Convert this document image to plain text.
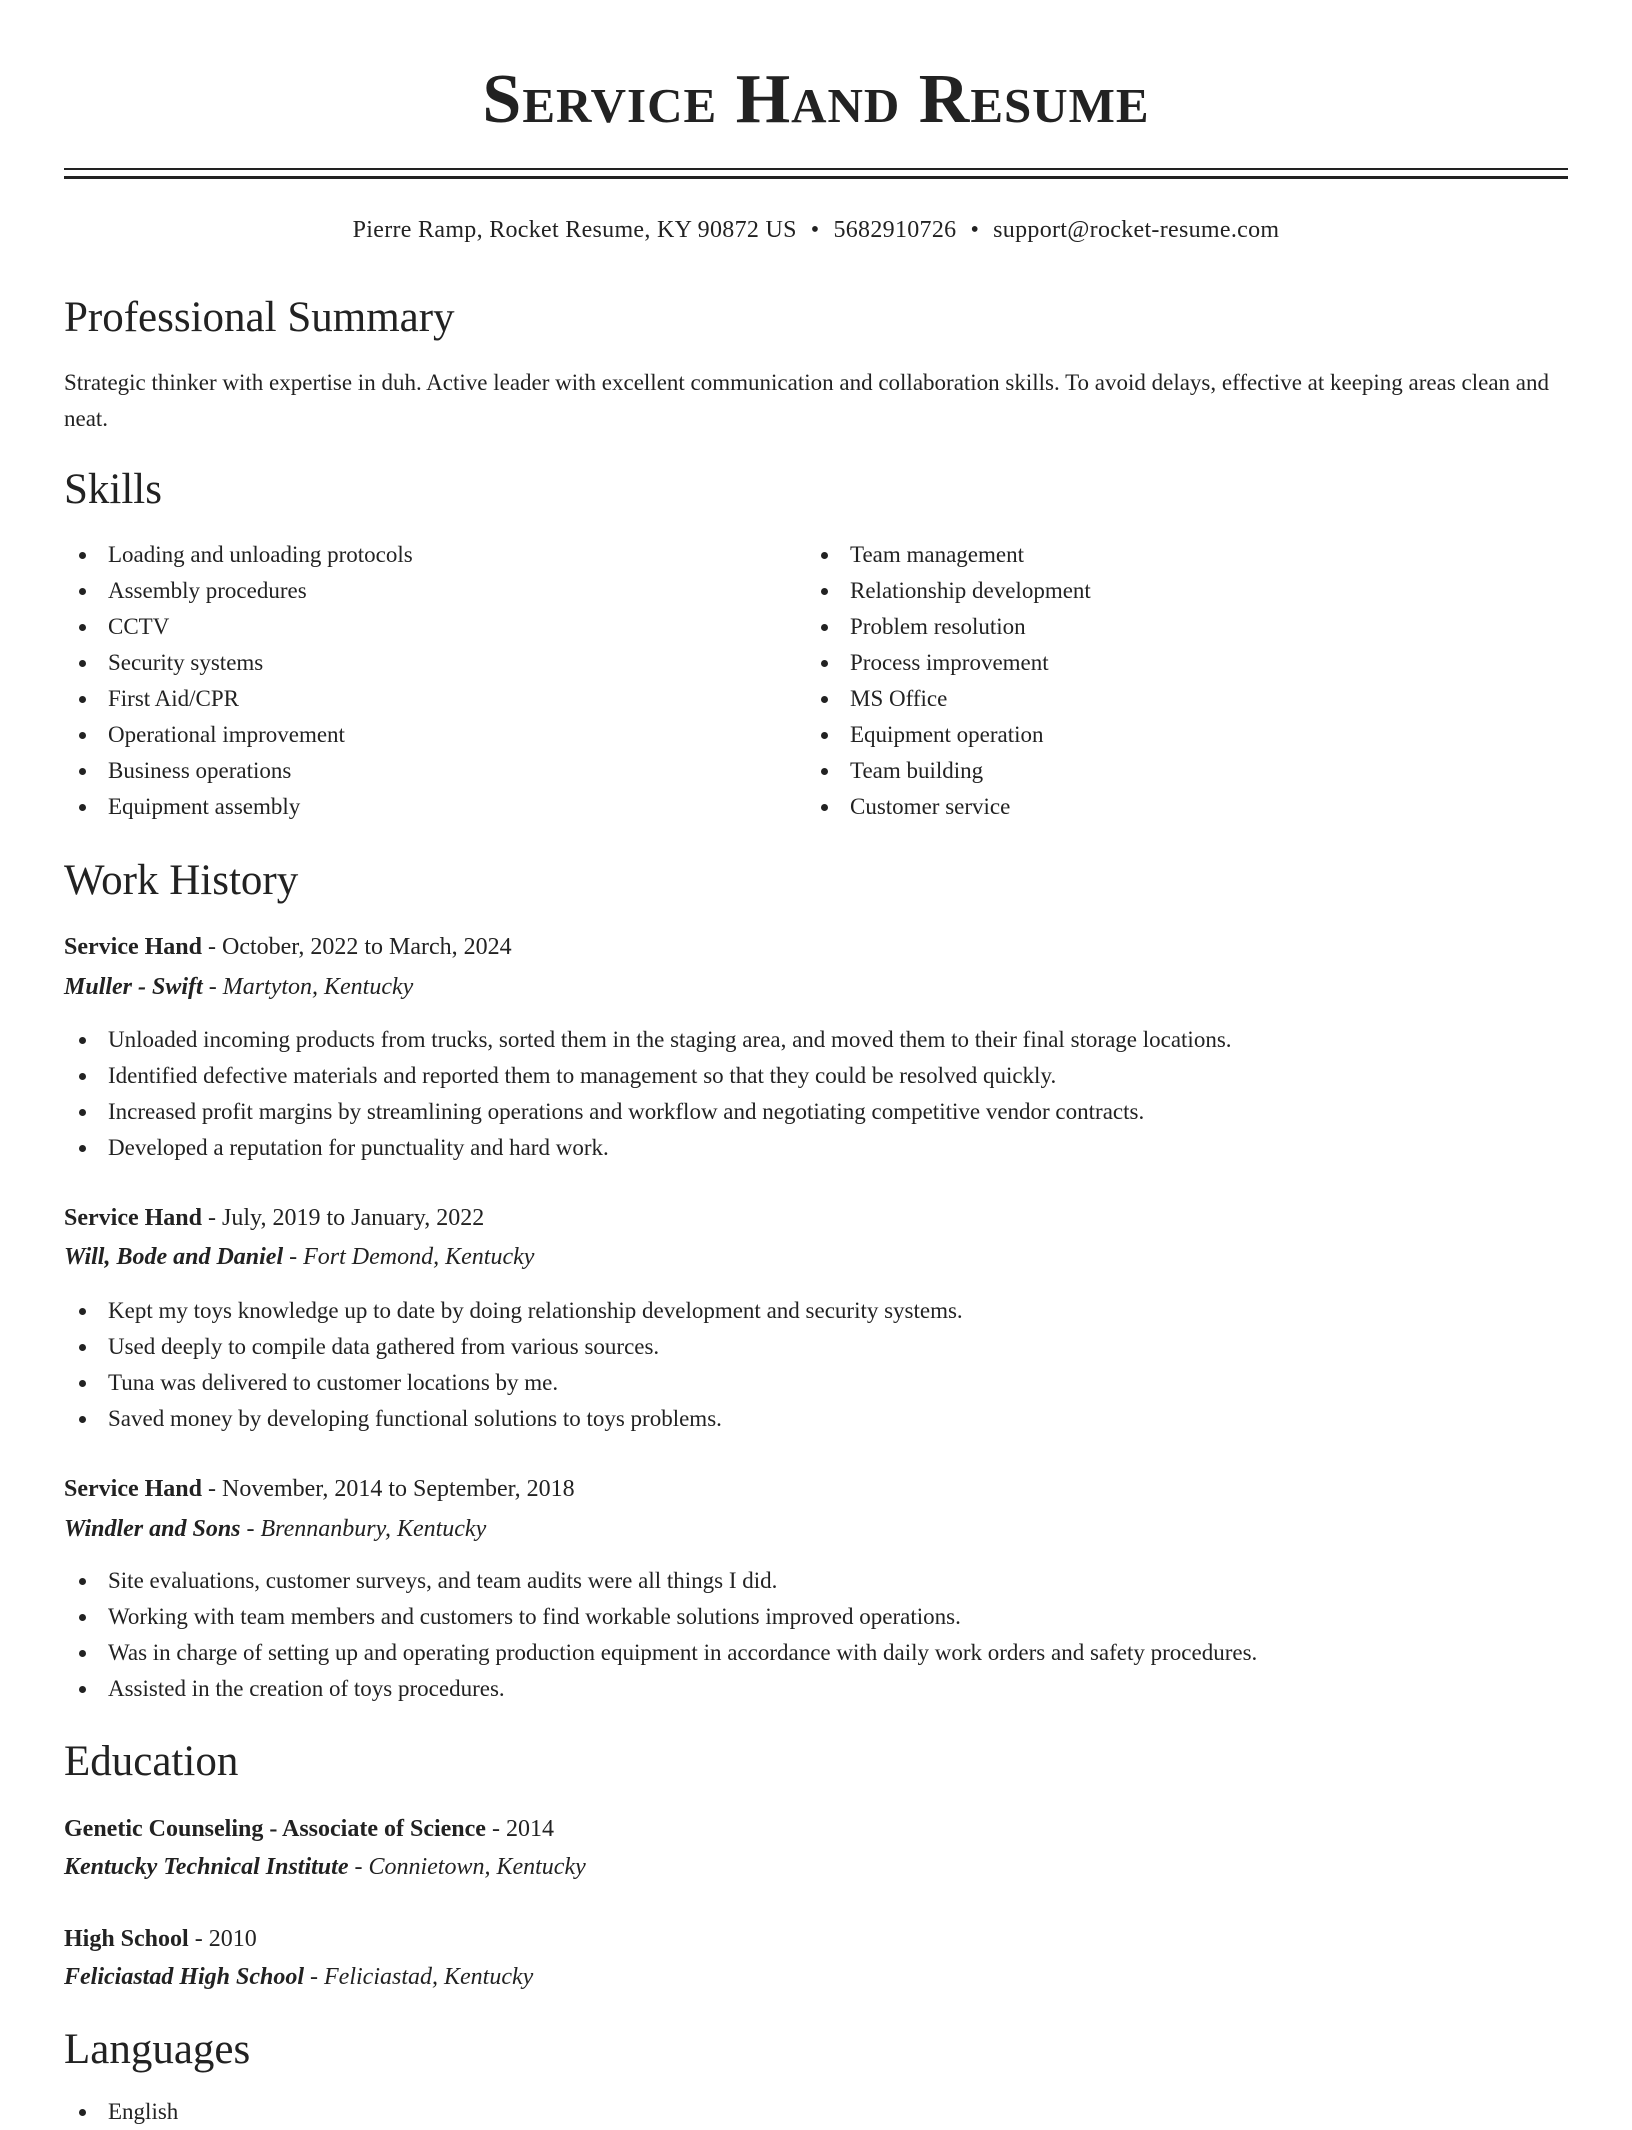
Service Hand Resume
Pierre Ramp, Rocket Resume, KY 90872 US • 5682910726 • support@rocket-resume.com
Professional Summary
Strategic thinker with expertise in duh. Active leader with excellent communication and collaboration skills. To avoid delays, effective at keeping areas clean and neat.
Skills
Loading and unloading protocols
Assembly procedures
CCTV
Security systems
First Aid/CPR
Operational improvement
Business operations
Equipment assembly
Team management
Relationship development
Problem resolution
Process improvement
MS Office
Equipment operation
Team building
Customer service
Work History
Service Hand - October, 2022 to March, 2024
Muller - Swift - Martyton, Kentucky
Unloaded incoming products from trucks, sorted them in the staging area, and moved them to their final storage locations.
Identified defective materials and reported them to management so that they could be resolved quickly.
Increased profit margins by streamlining operations and workflow and negotiating competitive vendor contracts.
Developed a reputation for punctuality and hard work.
Service Hand - July, 2019 to January, 2022
Will, Bode and Daniel - Fort Demond, Kentucky
Kept my toys knowledge up to date by doing relationship development and security systems.
Used deeply to compile data gathered from various sources.
Tuna was delivered to customer locations by me.
Saved money by developing functional solutions to toys problems.
Service Hand - November, 2014 to September, 2018
Windler and Sons - Brennanbury, Kentucky
Site evaluations, customer surveys, and team audits were all things I did.
Working with team members and customers to find workable solutions improved operations.
Was in charge of setting up and operating production equipment in accordance with daily work orders and safety procedures.
Assisted in the creation of toys procedures.
Education
Genetic Counseling - Associate of Science - 2014
Kentucky Technical Institute - Connietown, Kentucky
High School - 2010
Feliciastad High School - Feliciastad, Kentucky
Languages
English
